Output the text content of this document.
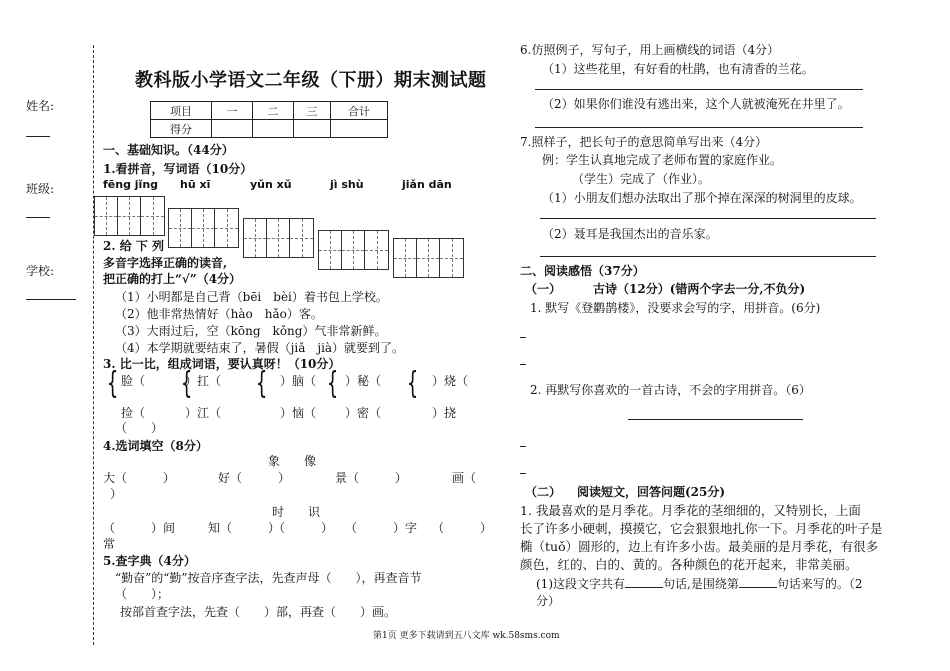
姓名:
班级:
学校:
教科版小学语文二年级（下册）期末测试题
项目	一	二	三	合计
得分				
一、基础知识。（44分）
1.看拼音，写词语（10分）
fēng jǐng hū xī	yǔn xǔ	jì shù	jiǎn dān
2. 给 下 列
多音字选择正确的读音,
把正确的打上“√”（4分）
（1）小明都是自己背（bēi　bèi）着书包上学校。
（2）他非常热情好（hào　hǎo）客。
（3）大雨过后，空（kōng　kǒng）气非常新鲜。
（4）本学期就要结束了，暑假（jiǎ　jià）就要到了。
3. 比一比，组成词语，要认真呀！（10分）
{ { { { {
脸（	）扛（	）脑（ ）秘（	）烧（
捡（	）江（	）恼（ ）密（	）挠
（　　）
4.选词填空（8分）
象　　像
大（　　　）	好（　　　）	景（　　　）	画（
）
时　　识
（　　　）间	知（　　　）
（　　　） （　　　）字 （　　　）
常
5.查字典（4分）
“勤奋”的“勤”按音序查字法，先查声母（　　），再查音节
（　　）；
按部首查字法，先查（　　）部，再查（　　）画。
6.仿照例子，写句子，用上画横线的词语（4分）
（1）这些花里，有好看的杜鹃，也有清香的兰花。
（2）如果你们谁没有逃出来，这个人就被淹死在井里了。
7.照样子，把长句子的意思简单写出来（4分）
例：学生认真地完成了老师布置的家庭作业。
（学生）完成了（作业）。
（1）小朋友们想办法取出了那个掉在深深的树洞里的皮球。
（2）聂耳是我国杰出的音乐家。
二、阅读感悟（37分）
（一）	古诗（12分）(错两个字去一分,不负分)
1. 默写《登鹳鹊楼》，没要求会写的字，用拼音。(6分)
2. 再默写你喜欢的一首古诗，不会的字用拼音。（6）
（二） 阅读短文，回答问题(25分)
1. 我最喜欢的是月季花。月季花的茎细细的，又特别长，上面
长了许多小硬刺，摸摸它，它会狠狠地扎你一下。月季花的叶子是
椭（tuǒ）圆形的，边上有许多小齿。最美丽的是月季花，有很多
颜色，红的、白的、黄的。各种颜色的花开起来，非常美丽。
(1)这段文字共有	句话,是围绕第	句话来写的。（2
分）
第1页 更多下载请到五八文库 wk.58sms.com
